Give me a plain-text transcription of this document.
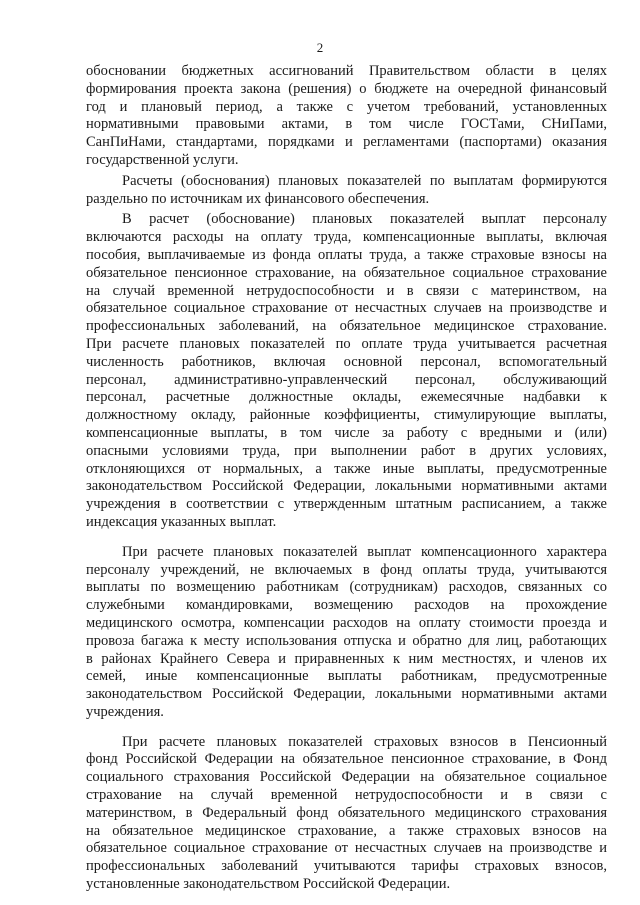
2
обосновании бюджетных ассигнований Правительством области в целях
формирования проекта закона (решения) о бюджете на очередной финансовый
год и плановый период, а также с учетом требований, установленных
нормативными правовыми актами, в том числе ГОСТами, СНиПами,
СанПиНами, стандартами, порядками и регламентами (паспортами) оказания
государственной услуги.
Расчеты (обоснования) плановых показателей по выплатам формируются
раздельно по источникам их финансового обеспечения.
В расчет (обоснование) плановых показателей выплат персоналу
включаются расходы на оплату труда, компенсационные выплаты, включая
пособия, выплачиваемые из фонда оплаты труда, а также страховые взносы на
обязательное пенсионное страхование, на обязательное социальное страхование
на случай временной нетрудоспособности и в связи с материнством, на
обязательное социальное страхование от несчастных случаев на производстве и
профессиональных заболеваний, на обязательное медицинское страхование.
При расчете плановых показателей по оплате труда учитывается расчетная
численность работников, включая основной персонал, вспомогательный
персонал, административно-управленческий персонал, обслуживающий
персонал, расчетные должностные оклады, ежемесячные надбавки к
должностному окладу, районные коэффициенты, стимулирующие выплаты,
компенсационные выплаты, в том числе за работу с вредными и (или)
опасными условиями труда, при выполнении работ в других условиях,
отклоняющихся от нормальных, а также иные выплаты, предусмотренные
законодательством Российской Федерации, локальными нормативными актами
учреждения в соответствии с утвержденным штатным расписанием, а также
индексация указанных выплат.
При расчете плановых показателей выплат компенсационного характера
персоналу учреждений, не включаемых в фонд оплаты труда, учитываются
выплаты по возмещению работникам (сотрудникам) расходов, связанных со
служебными командировками, возмещению расходов на прохождение
медицинского осмотра, компенсации расходов на оплату стоимости проезда и
провоза багажа к месту использования отпуска и обратно для лиц, работающих
в районах Крайнего Севера и приравненных к ним местностях, и членов их
семей, иные компенсационные выплаты работникам, предусмотренные
законодательством Российской Федерации, локальными нормативными актами
учреждения.
При расчете плановых показателей страховых взносов в Пенсионный
фонд Российской Федерации на обязательное пенсионное страхование, в Фонд
социального страхования Российской Федерации на обязательное социальное
страхование на случай временной нетрудоспособности и в связи с
материнством, в Федеральный фонд обязательного медицинского страхования
на обязательное медицинское страхование, а также страховых взносов на
обязательное социальное страхование от несчастных случаев на производстве и
профессиональных заболеваний учитываются тарифы страховых взносов,
установленные законодательством Российской Федерации.
